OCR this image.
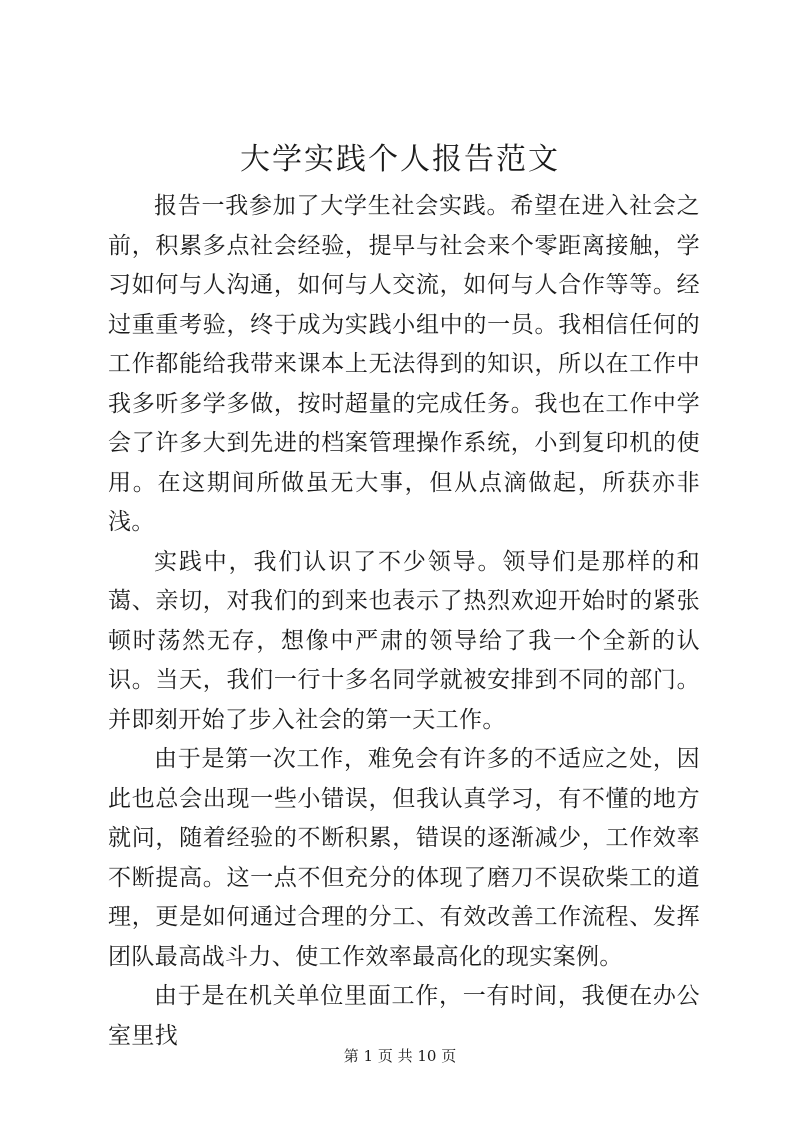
大学实践个人报告范文

报告一我参加了大学生社会实践。希望在进入社会之前，积累多点社会经验，提早与社会来个零距离接触，学习如何与人沟通，如何与人交流，如何与人合作等等。经过重重考验，终于成为实践小组中的一员。我相信任何的工作都能给我带来课本上无法得到的知识，所以在工作中我多听多学多做，按时超量的完成任务。我也在工作中学会了许多大到先进的档案管理操作系统，小到复印机的使用。在这期间所做虽无大事，但从点滴做起，所获亦非浅。

实践中，我们认识了不少领导。领导们是那样的和蔼、亲切，对我们的到来也表示了热烈欢迎开始时的紧张顿时荡然无存，想像中严肃的领导给了我一个全新的认识。当天，我们一行十多名同学就被安排到不同的部门。并即刻开始了步入社会的第一天工作。

由于是第一次工作，难免会有许多的不适应之处，因此也总会出现一些小错误，但我认真学习，有不懂的地方就问，随着经验的不断积累，错误的逐渐减少，工作效率不断提高。这一点不但充分的体现了磨刀不误砍柴工的道理，更是如何通过合理的分工、有效改善工作流程、发挥团队最高战斗力、使工作效率最高化的现实案例。

由于是在机关单位里面工作，一有时间，我便在办公室里找

第 1 页 共 10 页
